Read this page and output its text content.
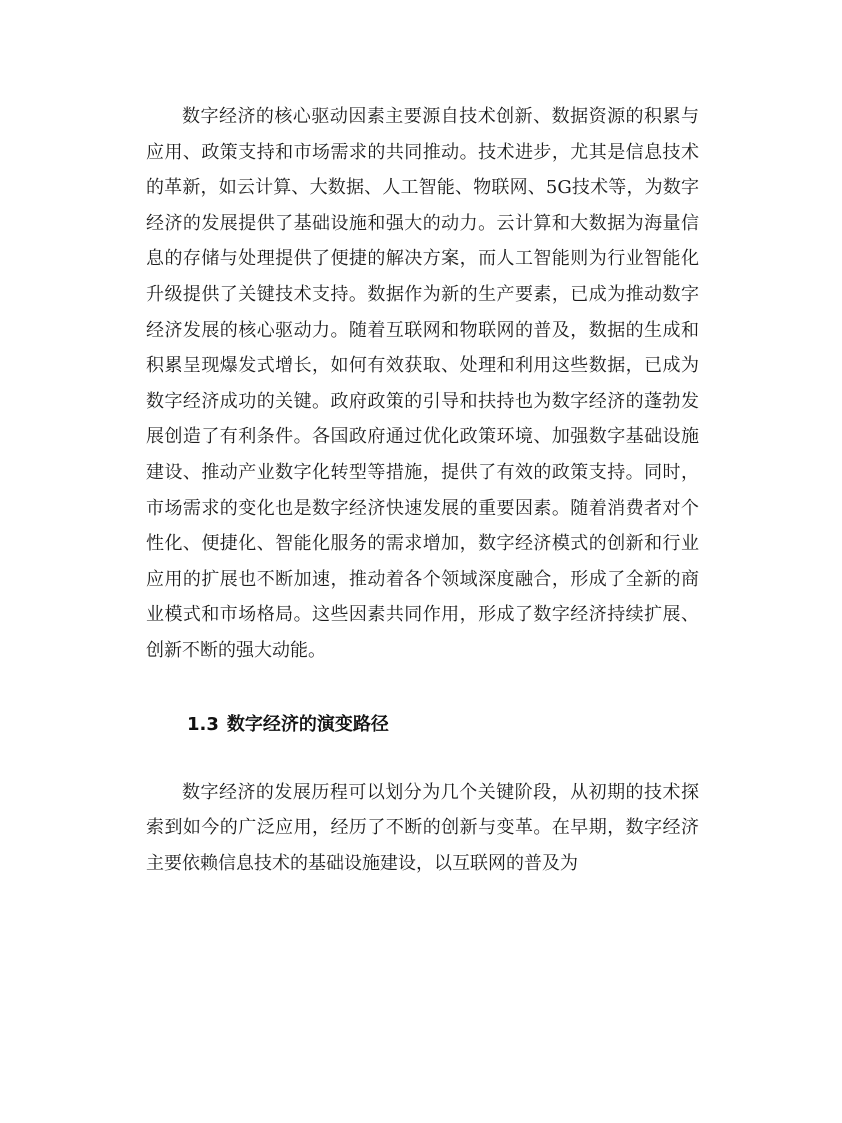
数字经济的核心驱动因素主要源自技术创新、数据资源的积累与应用、政策支持和市场需求的共同推动。技术进步，尤其是信息技术的革新，如云计算、大数据、人工智能、物联网、5G技术等，为数字经济的发展提供了基础设施和强大的动力。云计算和大数据为海量信息的存储与处理提供了便捷的解决方案，而人工智能则为行业智能化升级提供了关键技术支持。数据作为新的生产要素，已成为推动数字经济发展的核心驱动力。随着互联网和物联网的普及，数据的生成和积累呈现爆发式增长，如何有效获取、处理和利用这些数据，已成为数字经济成功的关键。政府政策的引导和扶持也为数字经济的蓬勃发展创造了有利条件。各国政府通过优化政策环境、加强数字基础设施建设、推动产业数字化转型等措施，提供了有效的政策支持。同时，市场需求的变化也是数字经济快速发展的重要因素。随着消费者对个性化、便捷化、智能化服务的需求增加，数字经济模式的创新和行业应用的扩展也不断加速，推动着各个领域深度融合，形成了全新的商业模式和市场格局。这些因素共同作用，形成了数字经济持续扩展、创新不断的强大动能。

1.3 数字经济的演变路径

数字经济的发展历程可以划分为几个关键阶段，从初期的技术探索到如今的广泛应用，经历了不断的创新与变革。在早期，数字经济主要依赖信息技术的基础设施建设，以互联网的普及为
